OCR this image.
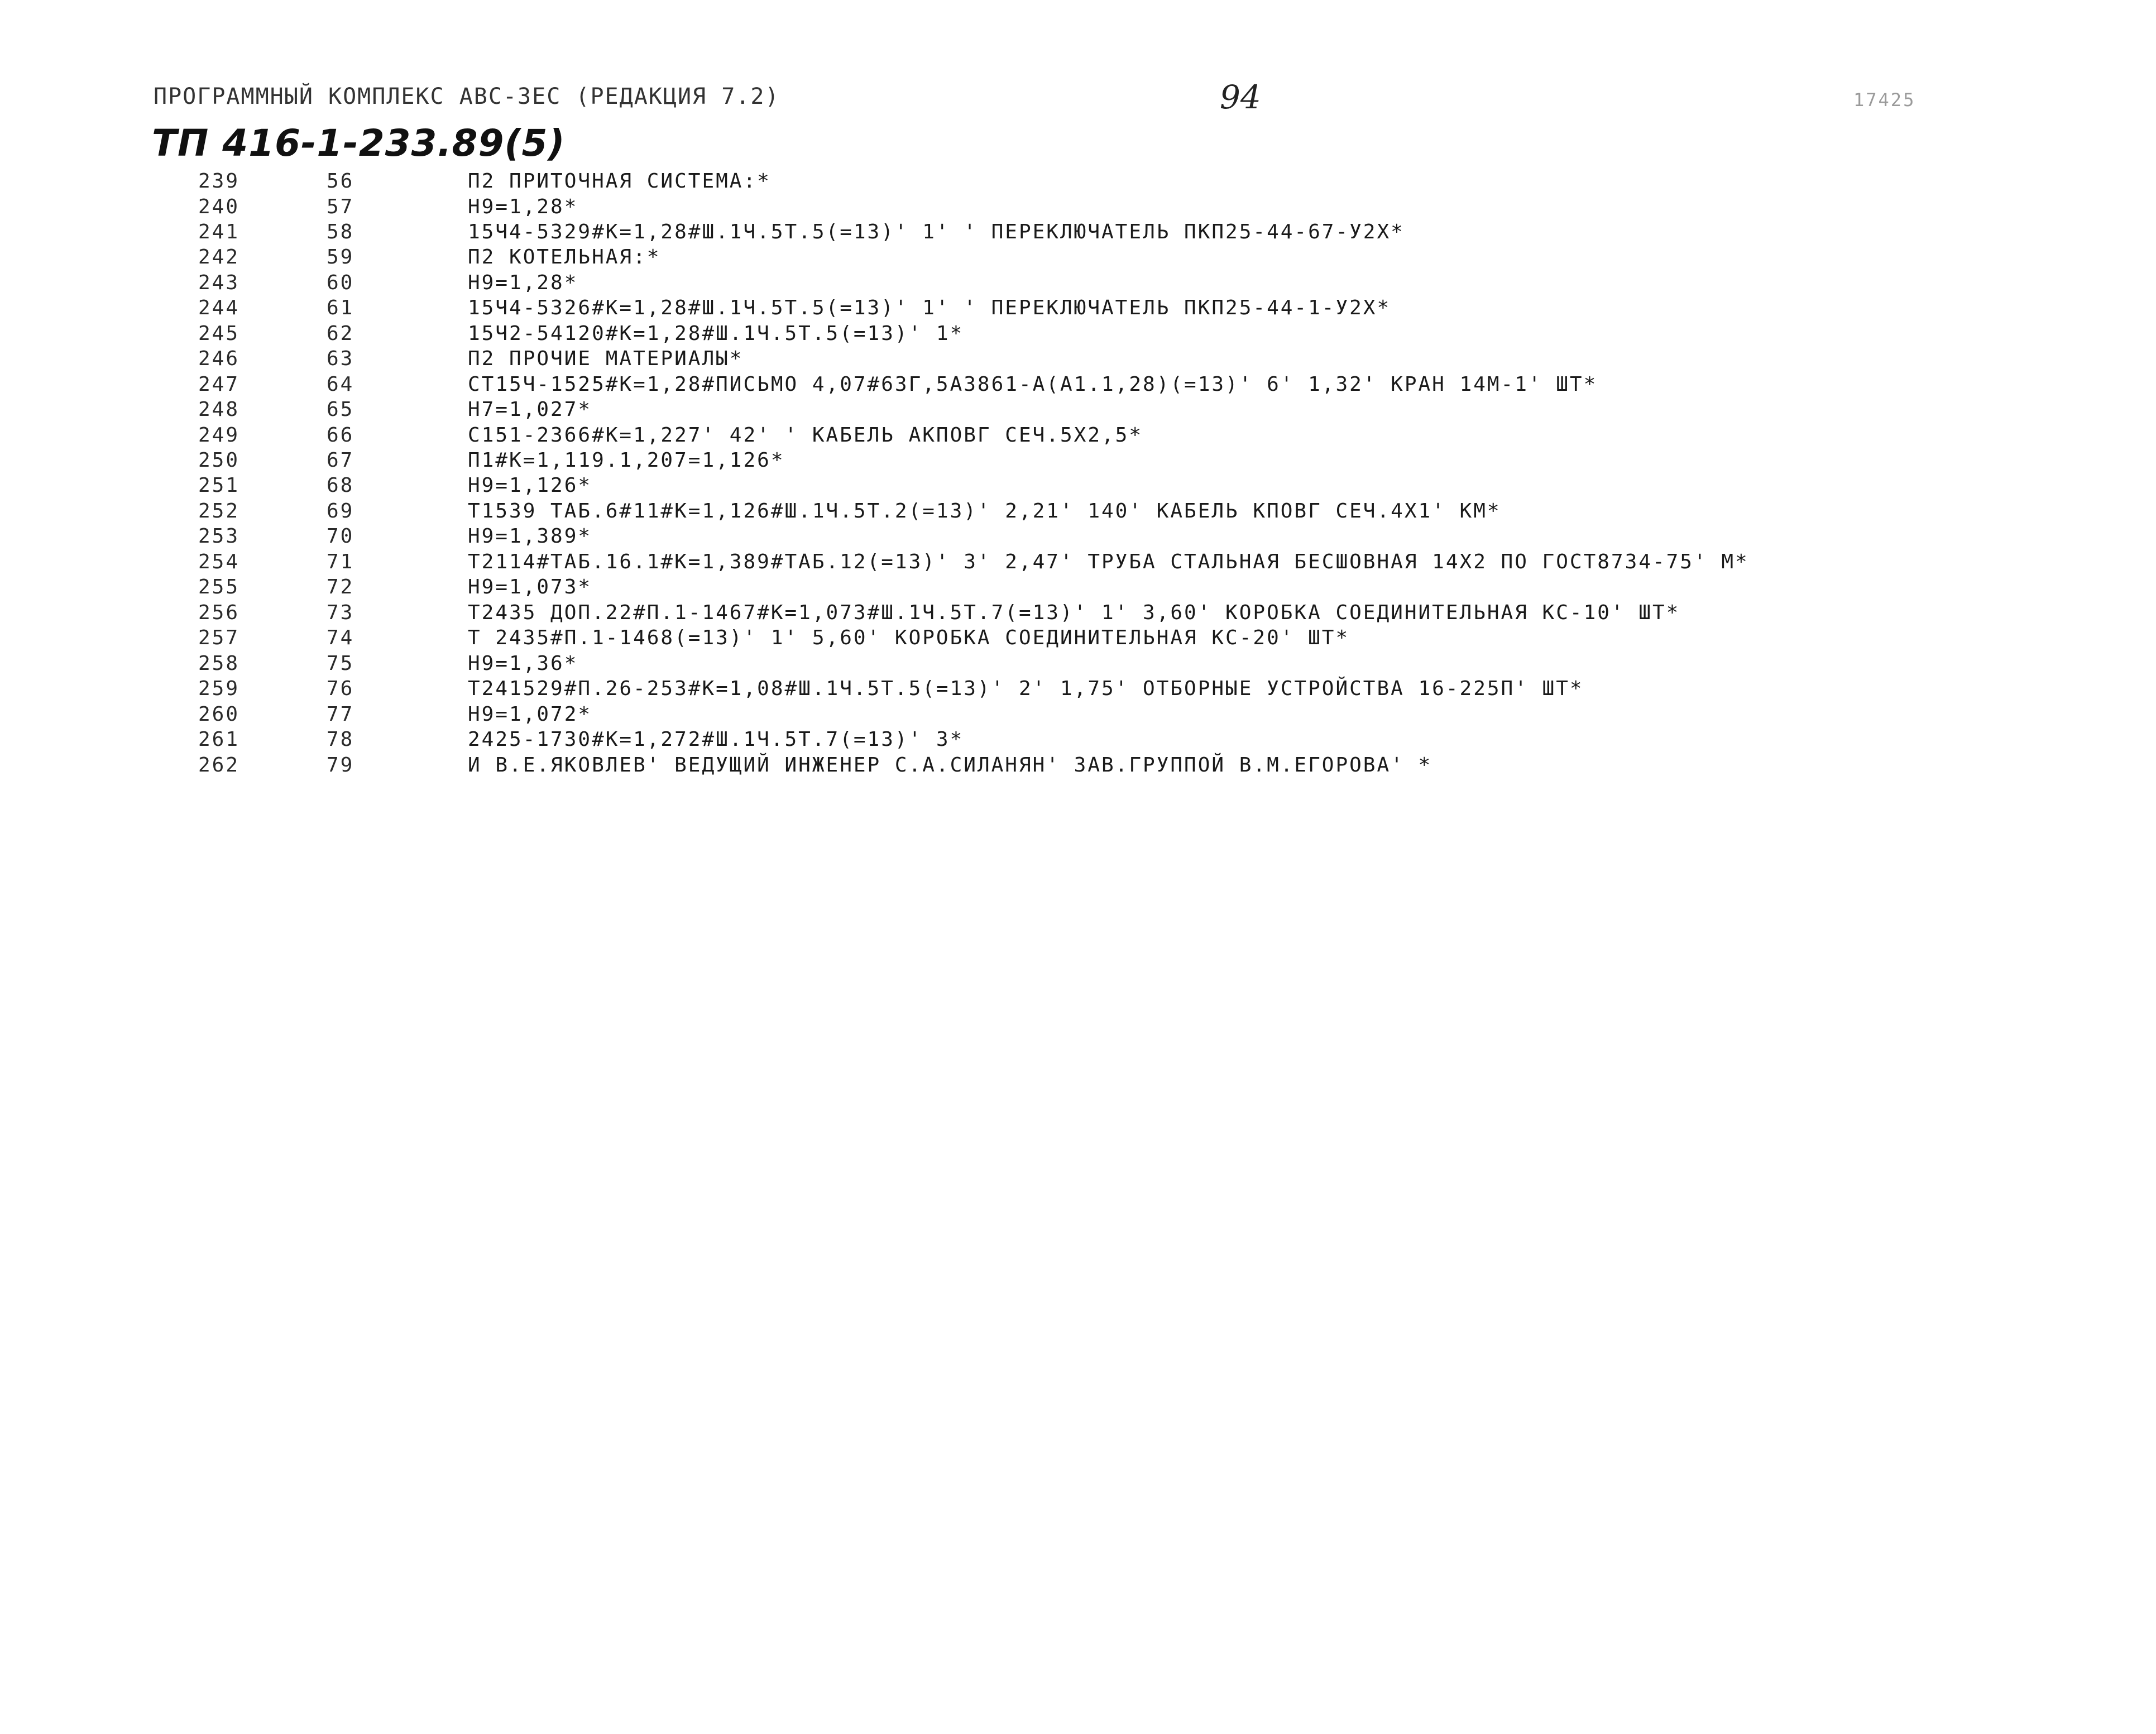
ПРОГРАММНЫЙ КОМПЛЕКС АВС-3ЕС (РЕДАКЦИЯ 7.2)	94	17425
ТП 416-1-233.89(5)
239	56	П2 ПРИТОЧНАЯ СИСТЕМА:*
240	57	Н9=1,28*
241	58	15Ч4-5329#К=1,28#Ш.1Ч.5Т.5(=13)' 1' ' ПЕРЕКЛЮЧАТЕЛЬ ПКП25-44-67-У2Х*
242	59	П2 КОТЕЛЬНАЯ:*
243	60	Н9=1,28*
244	61	15Ч4-5326#К=1,28#Ш.1Ч.5Т.5(=13)' 1' ' ПЕРЕКЛЮЧАТЕЛЬ ПКП25-44-1-У2Х*
245	62	15Ч2-54120#К=1,28#Ш.1Ч.5Т.5(=13)' 1*
246	63	П2 ПРОЧИЕ МАТЕРИАЛЫ*
247	64	СТ15Ч-1525#К=1,28#ПИСЬМО 4,07#63Г,5А3861-А(А1.1,28)(=13)' 6' 1,32' КРАН 14М-1' ШТ*
248	65	Н7=1,027*
249	66	С151-2366#К=1,227' 42' ' КАБЕЛЬ АКПОВГ СЕЧ.5Х2,5*
250	67	П1#К=1,119.1,207=1,126*
251	68	Н9=1,126*
252	69	Т1539 ТАБ.6#11#К=1,126#Ш.1Ч.5Т.2(=13)' 2,21' 140' КАБЕЛЬ КПОВГ СЕЧ.4Х1' КМ*
253	70	Н9=1,389*
254	71	Т2114#ТАБ.16.1#К=1,389#ТАБ.12(=13)' 3' 2,47' ТРУБА СТАЛЬНАЯ БЕСШОВНАЯ 14Х2 ПО ГОСТ8734-75' М*
255	72	Н9=1,073*
256	73	Т2435 ДОП.22#П.1-1467#К=1,073#Ш.1Ч.5Т.7(=13)' 1' 3,60' КОРОБКА СОЕДИНИТЕЛЬНАЯ КС-10' ШТ*
257	74	Т 2435#П.1-1468(=13)' 1' 5,60' КОРОБКА СОЕДИНИТЕЛЬНАЯ КС-20' ШТ*
258	75	Н9=1,36*
259	76	Т241529#П.26-253#К=1,08#Ш.1Ч.5Т.5(=13)' 2' 1,75' ОТБОРНЫЕ УСТРОЙСТВА 16-225П' ШТ*
260	77	Н9=1,072*
261	78	2425-1730#К=1,272#Ш.1Ч.5Т.7(=13)' 3*
262	79	И В.Е.ЯКОВЛЕВ' ВЕДУЩИЙ ИНЖЕНЕР С.А.СИЛАНЯН' ЗАВ.ГРУППОЙ В.М.ЕГОРОВА' *
